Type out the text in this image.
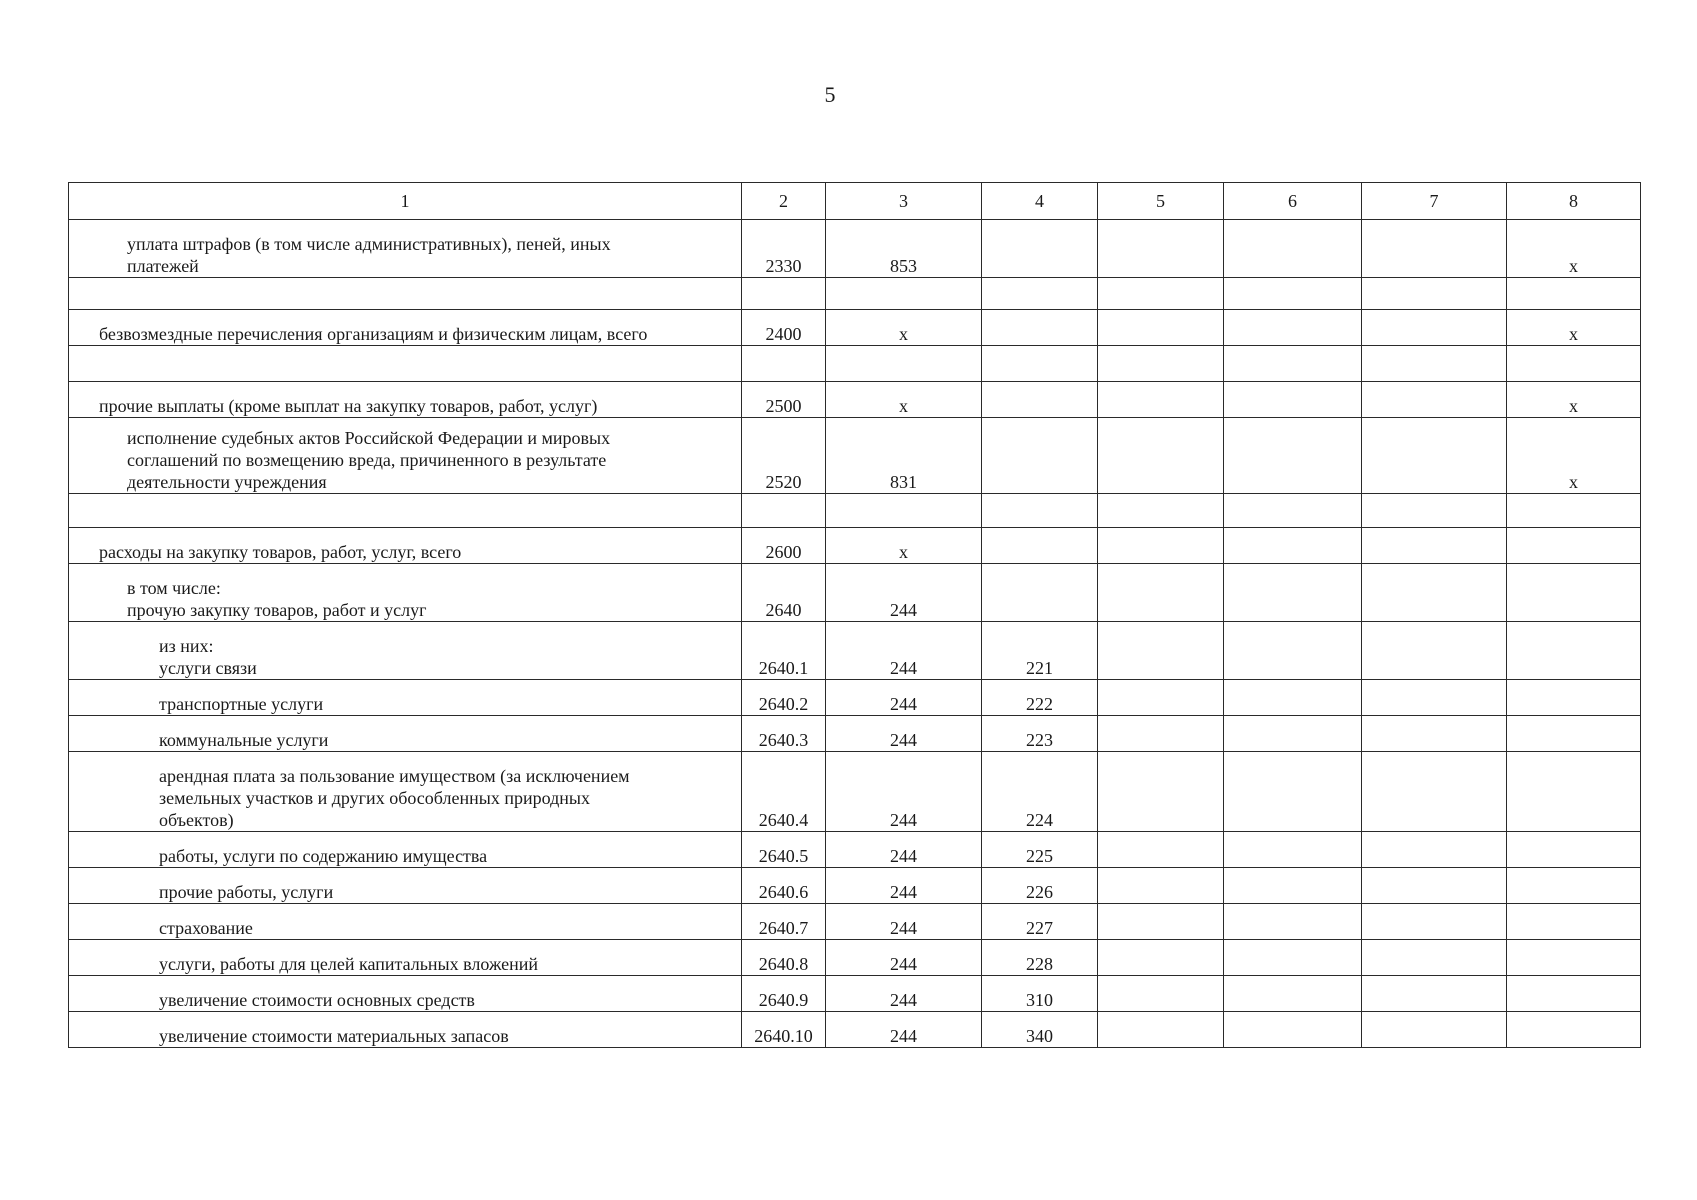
5
1	2	3	4	5	6	7	8

уплата штрафов (в том числе административных), пеней, иных
платежей	2330	853					х

безвозмездные перечисления организациям и физическим лицам, всего	2400	х					х

прочие выплаты (кроме выплат на закупку товаров, работ, услуг)	2500	х					х

исполнение судебных актов Российской Федерации и мировых
соглашений по возмещению вреда, причиненного в результате
деятельности учреждения	2520	831					х

расходы на закупку товаров, работ, услуг, всего	2600	х					

в том числе:
прочую закупку товаров, работ и услуг	2640	244					

из них:
услуги связи	2640.1	244	221				

транспортные услуги	2640.2	244	222				

коммунальные услуги	2640.3	244	223				

арендная плата за пользование имуществом (за исключением
земельных участков и других обособленных природных
объектов)	2640.4	244	224				

работы, услуги по содержанию имущества	2640.5	244	225				

прочие работы, услуги	2640.6	244	226				

страхование	2640.7	244	227				

услуги, работы для целей капитальных вложений	2640.8	244	228				

увеличение стоимости основных средств	2640.9	244	310				

увеличение стоимости материальных запасов	2640.10	244	340				
